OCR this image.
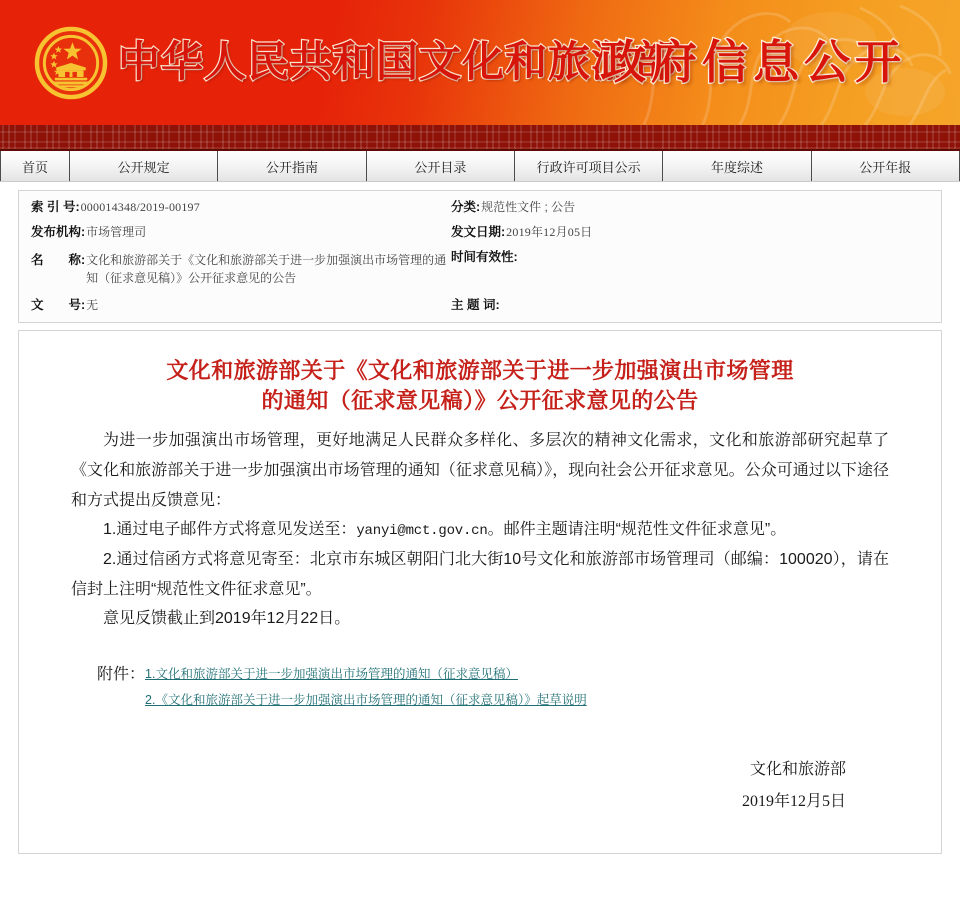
中华人民共和国文化和旅游部
政府信息公开
首页	公开规定	公开指南	公开目录	行政许可项目公示	年度综述	公开年报
索 引 号: 000014348/2019-00197	分类: 规范性文件 ; 公告
发布机构: 市场管理司	发文日期: 2019年12月05日
名　　称: 文化和旅游部关于《文化和旅游部关于进一步加强演出市场管理的通知（征求意见稿）》公开征求意见的公告
时间有效性:
文　　号: 无	主 题 词:
文化和旅游部关于《文化和旅游部关于进一步加强演出市场管理
的通知（征求意见稿）》公开征求意见的公告

为进一步加强演出市场管理，更好地满足人民群众多样化、多层次的精神文化需求，文化和旅游部研究起草了《文化和旅游部关于进一步加强演出市场管理的通知（征求意见稿）》，现向社会公开征求意见。公众可通过以下途径和方式提出反馈意见：

1.通过电子邮件方式将意见发送至：yanyi@mct.gov.cn。邮件主题请注明“规范性文件征求意见”。

2.通过信函方式将意见寄至：北京市东城区朝阳门北大街10号文化和旅游部市场管理司（邮编：100020），请在信封上注明“规范性文件征求意见”。

意见反馈截止到2019年12月22日。

附件： 1.文化和旅游部关于进一步加强演出市场管理的通知（征求意见稿）
2.《文化和旅游部关于进一步加强演出市场管理的通知（征求意见稿）》起草说明
文化和旅游部
2019年12月5日
